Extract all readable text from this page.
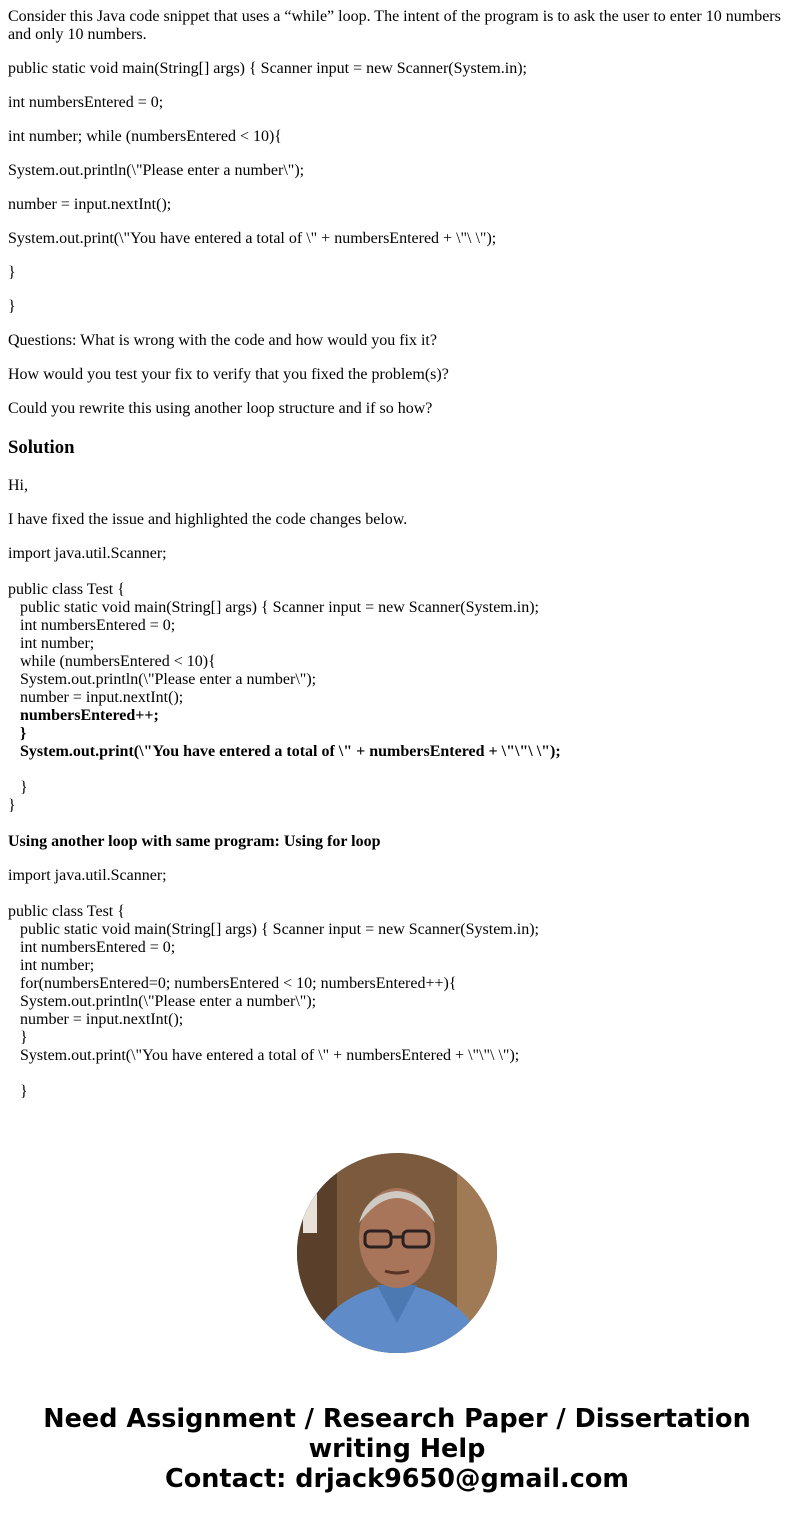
Consider this Java code snippet that uses a “while” loop. The intent of the program is to ask the user to enter 10 numbers and only 10 numbers.

public static void main(String[] args) { Scanner input = new Scanner(System.in);

int numbersEntered = 0;

int number; while (numbersEntered < 10){

System.out.println(\"Please enter a number\");

number = input.nextInt();

System.out.print(\"You have entered a total of \" + numbersEntered + \"\ \");

}

}

Questions: What is wrong with the code and how would you fix it?

How would you test your fix to verify that you fixed the problem(s)?

Could you rewrite this using another loop structure and if so how?

Solution

Hi,

I have fixed the issue and highlighted the code changes below.

import java.util.Scanner;
public class Test {
public static void main(String[] args) { Scanner input = new Scanner(System.in);
int numbersEntered = 0;
int number;
while (numbersEntered < 10){
System.out.println(\"Please enter a number\");
number = input.nextInt();
numbersEntered++;
}
System.out.print(\"You have entered a total of \" + numbersEntered + \"\"\ \");
}
}
Using another loop with same program: Using for loop
import java.util.Scanner;
public class Test {
public static void main(String[] args) { Scanner input = new Scanner(System.in);
int numbersEntered = 0;
int number;
for(numbersEntered=0; numbersEntered < 10; numbersEntered++){
System.out.println(\"Please enter a number\");
number = input.nextInt();
}
System.out.print(\"You have entered a total of \" + numbersEntered + \"\"\ \");
}
Need Assignment / Research Paper / Dissertation
writing Help
Contact: drjack9650@gmail.com
